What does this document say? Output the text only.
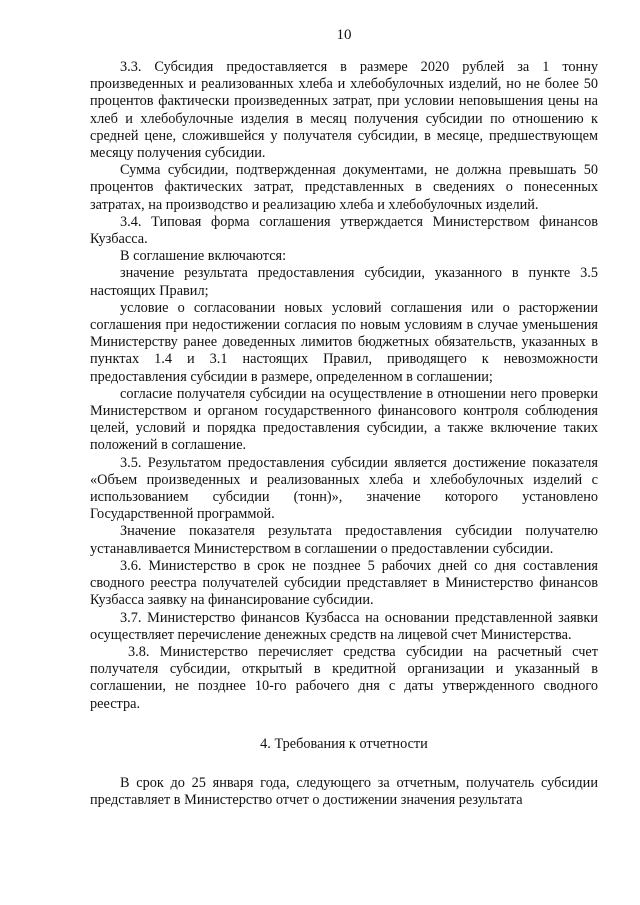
10

3.3. Субсидия предоставляется в размере 2020 рублей за 1 тонну произведенных и реализованных хлеба и хлебобулочных изделий, но не более 50 процентов фактически произведенных затрат, при условии неповышения цены на хлеб и хлебобулочные изделия в месяц получения субсидии по отношению к средней цене, сложившейся у получателя субсидии, в месяце, предшествующем месяцу получения субсидии.

Сумма субсидии, подтвержденная документами, не должна превышать 50 процентов фактических затрат, представленных в сведениях о понесенных затратах, на производство и реализацию хлеба и хлебобулочных изделий.

3.4. Типовая форма соглашения утверждается Министерством финансов Кузбасса.

В соглашение включаются:

значение результата предоставления субсидии, указанного в пункте 3.5 настоящих Правил;

условие о согласовании новых условий соглашения или о расторжении соглашения при недостижении согласия по новым условиям в случае уменьшения Министерству ранее доведенных лимитов бюджетных обязательств, указанных в пунктах 1.4 и 3.1 настоящих Правил, приводящего к невозможности предоставления субсидии в размере, определенном в соглашении;

согласие получателя субсидии на осуществление в отношении него проверки Министерством и органом государственного финансового контроля соблюдения целей, условий и порядка предоставления субсидии, а также включение таких положений в соглашение.

3.5. Результатом предоставления субсидии является достижение показателя «Объем произведенных и реализованных хлеба и хлебобулочных изделий с использованием субсидии (тонн)», значение которого установлено Государственной программой.

Значение показателя результата предоставления субсидии получателю устанавливается Министерством в соглашении о предоставлении субсидии.

3.6. Министерство в срок не позднее 5 рабочих дней со дня составления сводного реестра получателей субсидии представляет в Министерство финансов Кузбасса заявку на финансирование субсидии.

3.7. Министерство финансов Кузбасса на основании представленной заявки осуществляет перечисление денежных средств на лицевой счет Министерства.

3.8. Министерство перечисляет средства субсидии на расчетный счет получателя субсидии, открытый в кредитной организации и указанный в соглашении, не позднее 10-го рабочего дня с даты утвержденного сводного реестра.

4. Требования к отчетности

В срок до 25 января года, следующего за отчетным, получатель субсидии представляет в Министерство отчет о достижении значения результата
